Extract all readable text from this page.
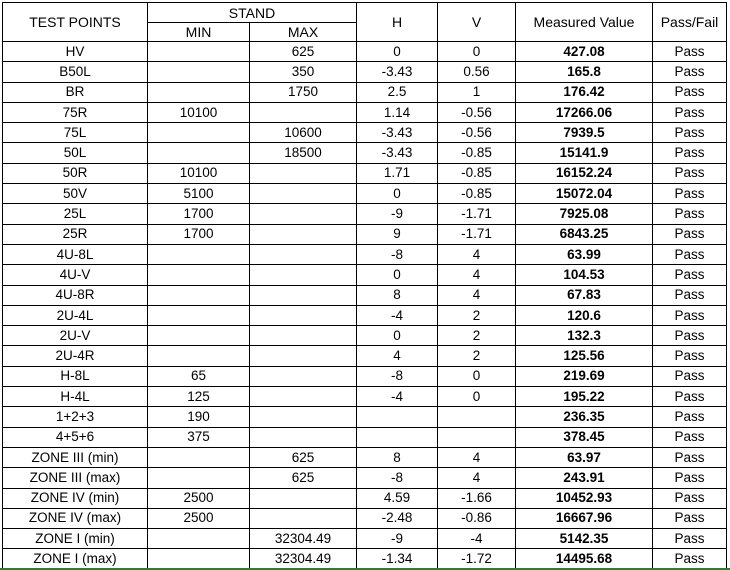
TEST POINTS	STAND		H	V	Measured Value	Pass/Fail
	MIN	MAX				
HV		625	0	0	427.08	Pass
B50L		350	-3.43	0.56	165.8	Pass
BR		1750	2.5	1	176.42	Pass
75R	10100		1.14	-0.56	17266.06	Pass
75L		10600	-3.43	-0.56	7939.5	Pass
50L		18500	-3.43	-0.85	15141.9	Pass
50R	10100		1.71	-0.85	16152.24	Pass
50V	5100		0	-0.85	15072.04	Pass
25L	1700		-9	-1.71	7925.08	Pass
25R	1700		9	-1.71	6843.25	Pass
4U-8L			-8	4	63.99	Pass
4U-V			0	4	104.53	Pass
4U-8R			8	4	67.83	Pass
2U-4L			-4	2	120.6	Pass
2U-V			0	2	132.3	Pass
2U-4R			4	2	125.56	Pass
H-8L	65		-8	0	219.69	Pass
H-4L	125		-4	0	195.22	Pass
1+2+3	190				236.35	Pass
4+5+6	375				378.45	Pass
ZONE III (min)		625	8	4	63.97	Pass
ZONE III (max)		625	-8	4	243.91	Pass
ZONE IV (min)	2500		4.59	-1.66	10452.93	Pass
ZONE IV (max)	2500		-2.48	-0.86	16667.96	Pass
ZONE I (min)		32304.49	-9	-4	5142.35	Pass
ZONE I (max)		32304.49	-1.34	-1.72	14495.68	Pass
